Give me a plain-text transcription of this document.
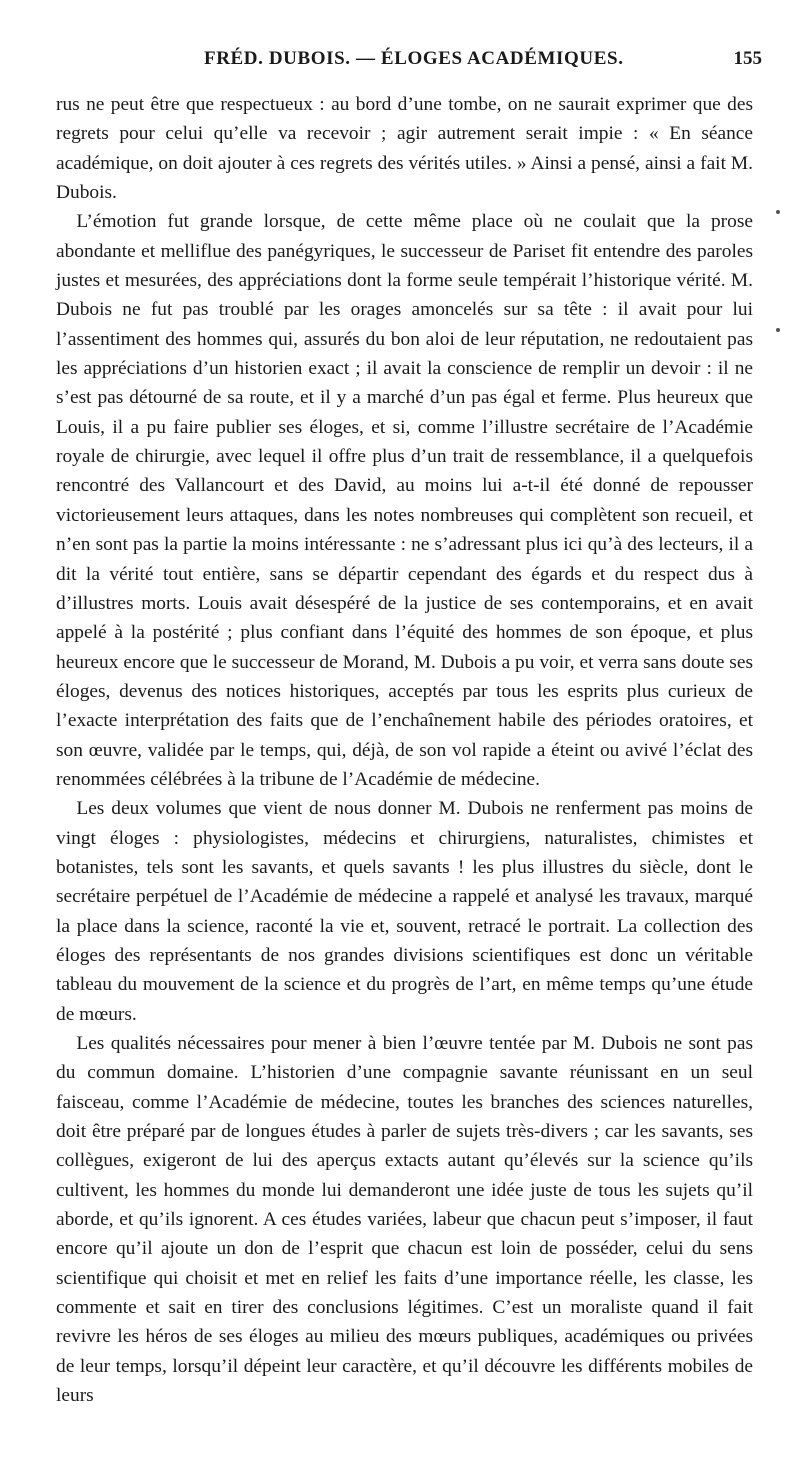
FRÉD. DUBOIS. — ÉLOGES ACADÉMIQUES.	155

rus ne peut être que respectueux : au bord d’une tombe, on ne saurait exprimer que des regrets pour celui qu’elle va recevoir ; agir autrement serait impie : « En séance académique, on doit ajouter à ces regrets des vérités utiles. » Ainsi a pensé, ainsi a fait M. Dubois.

L’émotion fut grande lorsque, de cette même place où ne coulait que la prose abondante et melliflue des panégyriques, le successeur de Pariset fit entendre des paroles justes et mesurées, des appréciations dont la forme seule tempérait l’historique vérité. M. Dubois ne fut pas troublé par les orages amoncelés sur sa tête : il avait pour lui l’assentiment des hommes qui, assurés du bon aloi de leur réputation, ne redoutaient pas les appréciations d’un historien exact ; il avait la conscience de remplir un devoir : il ne s’est pas détourné de sa route, et il y a marché d’un pas égal et ferme. Plus heureux que Louis, il a pu faire publier ses éloges, et si, comme l’illustre secrétaire de l’Académie royale de chirurgie, avec lequel il offre plus d’un trait de ressemblance, il a quelquefois rencontré des Vallancourt et des David, au moins lui a-t-il été donné de repousser victorieusement leurs attaques, dans les notes nombreuses qui complètent son recueil, et n’en sont pas la partie la moins intéressante : ne s’adressant plus ici qu’à des lecteurs, il a dit la vérité tout entière, sans se départir cependant des égards et du respect dus à d’illustres morts. Louis avait désespéré de la justice de ses contemporains, et en avait appelé à la postérité ; plus confiant dans l’équité des hommes de son époque, et plus heureux encore que le successeur de Morand, M. Dubois a pu voir, et verra sans doute ses éloges, devenus des notices historiques, acceptés par tous les esprits plus curieux de l’exacte interprétation des faits que de l’enchaînement habile des périodes oratoires, et son œuvre, validée par le temps, qui, déjà, de son vol rapide a éteint ou avivé l’éclat des renommées célébrées à la tribune de l’Académie de médecine.

Les deux volumes que vient de nous donner M. Dubois ne renferment pas moins de vingt éloges : physiologistes, médecins et chirurgiens, naturalistes, chimistes et botanistes, tels sont les savants, et quels savants ! les plus illustres du siècle, dont le secrétaire perpétuel de l’Académie de médecine a rappelé et analysé les travaux, marqué la place dans la science, raconté la vie et, souvent, retracé le portrait. La collection des éloges des représentants de nos grandes divisions scientifiques est donc un véritable tableau du mouvement de la science et du progrès de l’art, en même temps qu’une étude de mœurs.

Les qualités nécessaires pour mener à bien l’œuvre tentée par M. Dubois ne sont pas du commun domaine. L’historien d’une compagnie savante réunissant en un seul faisceau, comme l’Académie de médecine, toutes les branches des sciences naturelles, doit être préparé par de longues études à parler de sujets très-divers ; car les savants, ses collègues, exigeront de lui des aperçus extacts autant qu’élevés sur la science qu’ils cultivent, les hommes du monde lui demanderont une idée juste de tous les sujets qu’il aborde, et qu’ils ignorent. A ces études variées, labeur que chacun peut s’imposer, il faut encore qu’il ajoute un don de l’esprit que chacun est loin de posséder, celui du sens scientifique qui choisit et met en relief les faits d’une importance réelle, les classe, les commente et sait en tirer des conclusions légitimes. C’est un moraliste quand il fait revivre les héros de ses éloges au milieu des mœurs publiques, académiques ou privées de leur temps, lorsqu’il dépeint leur caractère, et qu’il découvre les différents mobiles de leurs
